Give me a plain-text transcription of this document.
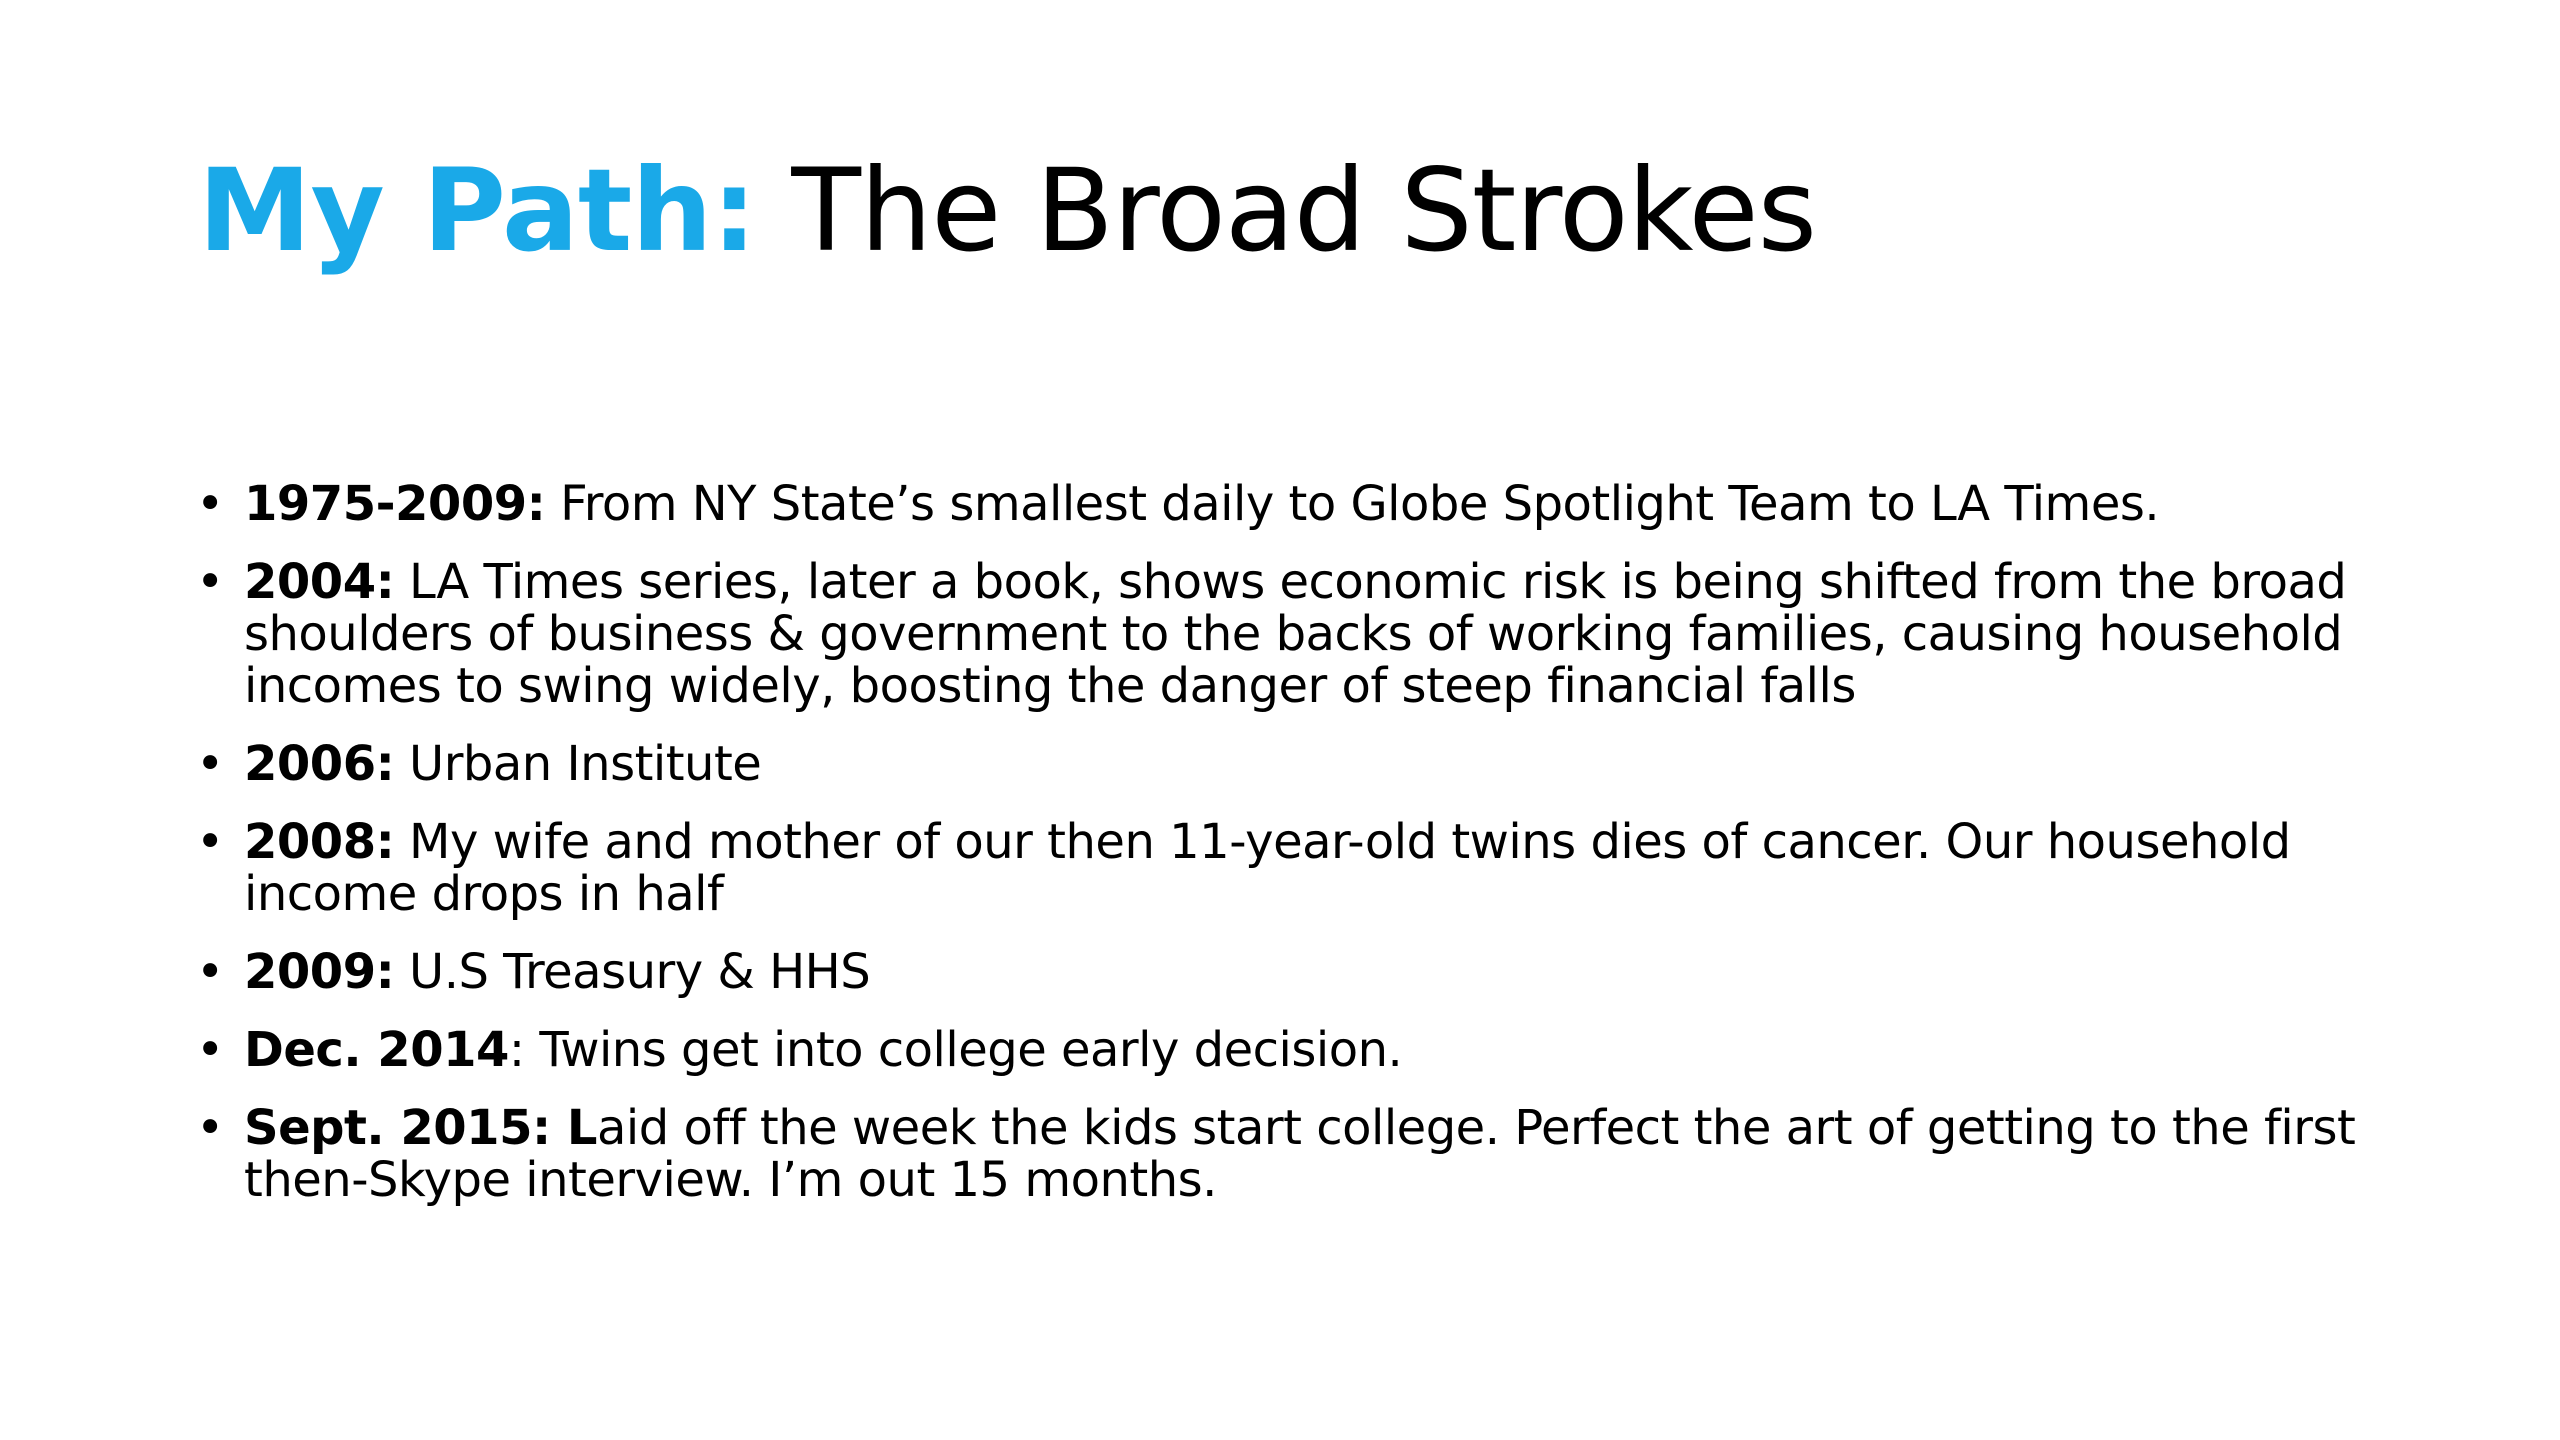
My Path: The Broad Strokes
• 1975-2009: From NY State’s smallest daily to Globe Spotlight Team to LA Times.
• 2004: LA Times series, later a book, shows economic risk is being shifted from the broad shoulders of business & government to the backs of working families, causing household incomes to swing widely, boosting the danger of steep financial falls
• 2006: Urban Institute
• 2008: My wife and mother of our then 11-year-old twins dies of cancer. Our household income drops in half
• 2009: U.S Treasury & HHS
• Dec. 2014: Twins get into college early decision.
• Sept. 2015: Laid off the week the kids start college. Perfect the art of getting to the first then-Skype interview. I’m out 15 months.
